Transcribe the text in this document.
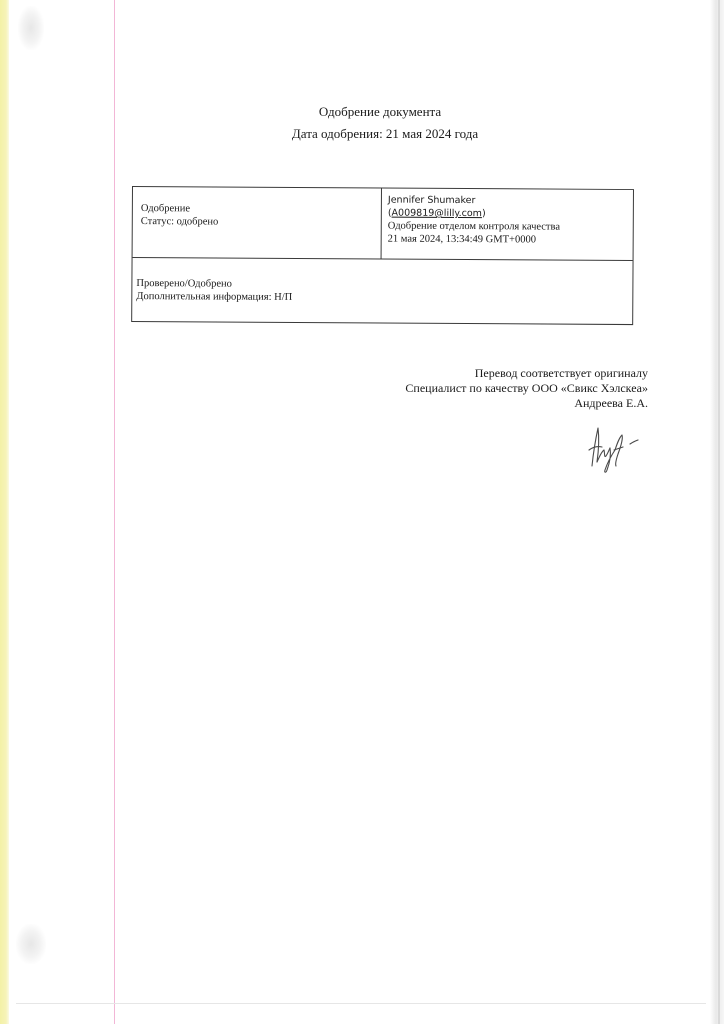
Одобрение документа
Дата одобрения: 21 мая 2024 года
Одобрение
Статус: одобрено
Jennifer Shumaker
(A009819@lilly.com)
Одобрение отделом контроля качества
21 мая 2024, 13:34:49 GMT+0000
Проверено/Одобрено
Дополнительная информация: Н/П
Перевод соответствует оригиналу
Специалист по качеству ООО «Свикс Хэлскеа»
Андреева Е.А.
